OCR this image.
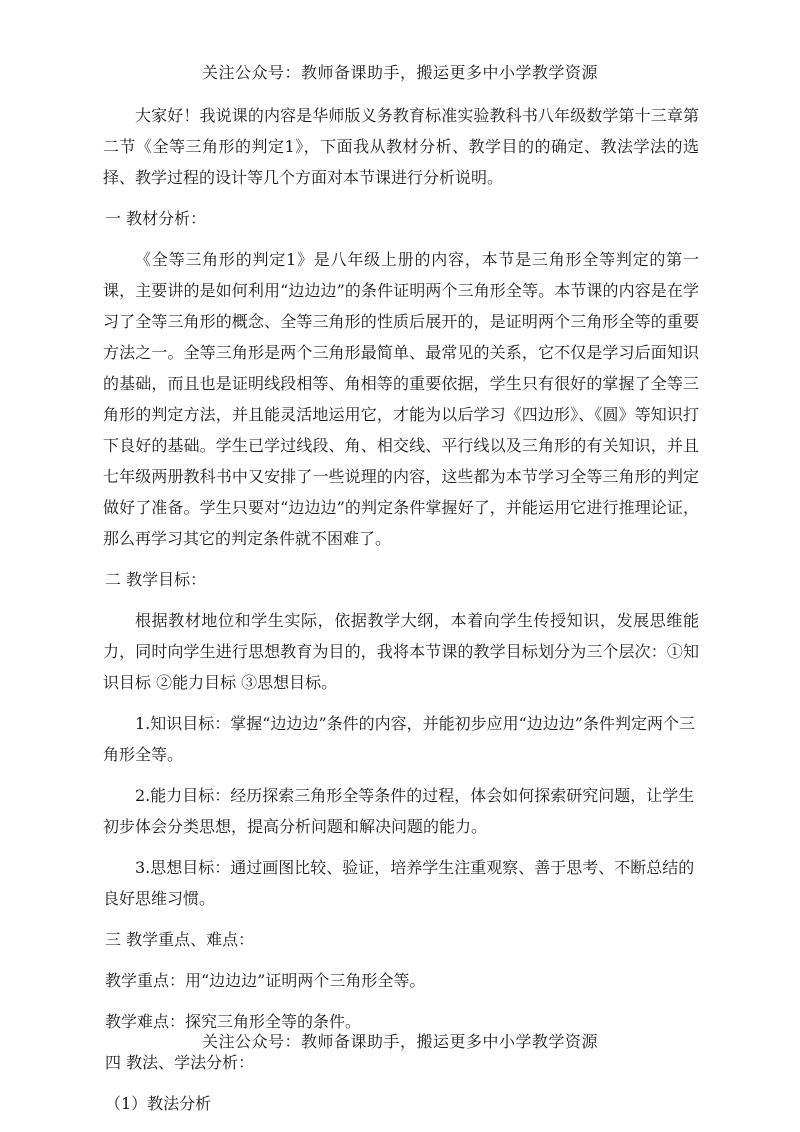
关注公众号：教师备课助手，搬运更多中小学教学资源

大家好！我说课的内容是华师版义务教育标准实验教科书八年级数学第十三章第二节《全等三角形的判定1》，下面我从教材分析、教学目的的确定、教法学法的选择、教学过程的设计等几个方面对本节课进行分析说明。

一 教材分析：

《全等三角形的判定1》是八年级上册的内容，本节是三角形全等判定的第一课，主要讲的是如何利用“边边边”的条件证明两个三角形全等。本节课的内容是在学习了全等三角形的概念、全等三角形的性质后展开的，是证明两个三角形全等的重要方法之一。全等三角形是两个三角形最简单、最常见的关系，它不仅是学习后面知识的基础，而且也是证明线段相等、角相等的重要依据，学生只有很好的掌握了全等三角形的判定方法，并且能灵活地运用它，才能为以后学习《四边形》、《圆》等知识打下良好的基础。学生已学过线段、角、相交线、平行线以及三角形的有关知识，并且七年级两册教科书中又安排了一些说理的内容，这些都为本节学习全等三角形的判定做好了准备。学生只要对“边边边”的判定条件掌握好了，并能运用它进行推理论证，那么再学习其它的判定条件就不困难了。

二 教学目标：

根据教材地位和学生实际，依据教学大纲，本着向学生传授知识，发展思维能力，同时向学生进行思想教育为目的，我将本节课的教学目标划分为三个层次：①知识目标 ②能力目标 ③思想目标。

1.知识目标：掌握“边边边”条件的内容，并能初步应用“边边边”条件判定两个三角形全等。

2.能力目标：经历探索三角形全等条件的过程，体会如何探索研究问题，让学生初步体会分类思想，提高分析问题和解决问题的能力。

3.思想目标：通过画图比较、验证，培养学生注重观察、善于思考、不断总结的良好思维习惯。

三 教学重点、难点：

教学重点：用“边边边”证明两个三角形全等。

教学难点：探究三角形全等的条件。

四 教法、学法分析：

（1）教法分析

关注公众号：教师备课助手，搬运更多中小学教学资源
